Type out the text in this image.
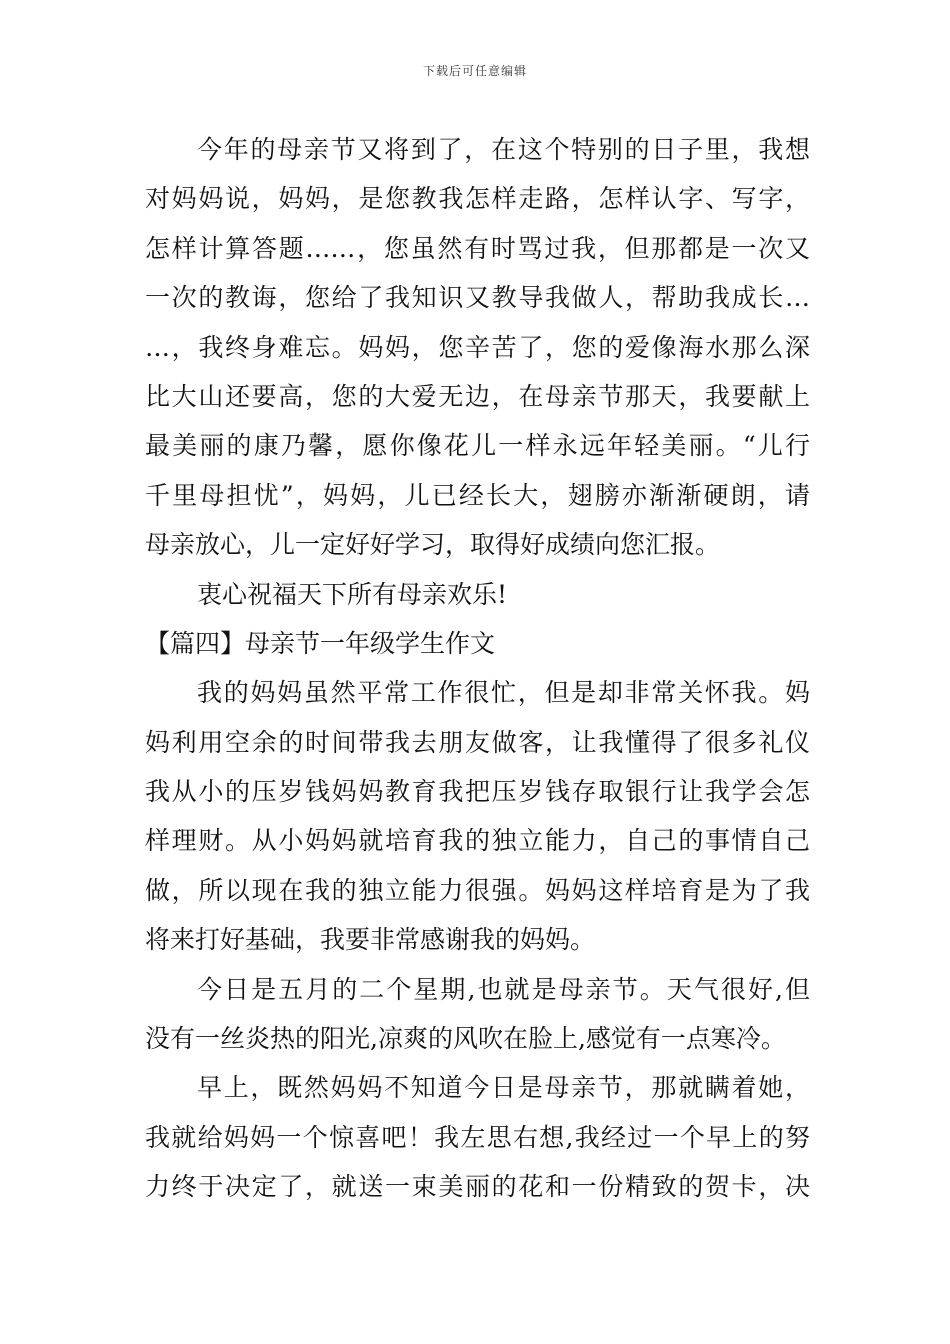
下载后可任意编辑
今年的母亲节又将到了，在这个特别的日子里，我想
对妈妈说，妈妈，是您教我怎样走路，怎样认字、写字，
怎样计算答题……，您虽然有时骂过我，但那都是一次又
一次的教诲，您给了我知识又教导我做人，帮助我成长…
…，我终身难忘。妈妈，您辛苦了，您的爱像海水那么深
比大山还要高，您的大爱无边，在母亲节那天，我要献上
最美丽的康乃馨，愿你像花儿一样永远年轻美丽。“儿行
千里母担忧”，妈妈，儿已经长大，翅膀亦渐渐硬朗，请
母亲放心，儿一定好好学习，取得好成绩向您汇报。
衷心祝福天下所有母亲欢乐!
【篇四】母亲节一年级学生作文
我的妈妈虽然平常工作很忙，但是却非常关怀我。妈
妈利用空余的时间带我去朋友做客，让我懂得了很多礼仪
我从小的压岁钱妈妈教育我把压岁钱存取银行让我学会怎
样理财。从小妈妈就培育我的独立能力，自己的事情自己
做，所以现在我的独立能力很强。妈妈这样培育是为了我
将来打好基础，我要非常感谢我的妈妈。
今日是五月的二个星期,也就是母亲节。天气很好,但
没有一丝炎热的阳光,凉爽的风吹在脸上,感觉有一点寒冷。
早上，既然妈妈不知道今日是母亲节，那就瞒着她，
我就给妈妈一个惊喜吧！我左思右想,我经过一个早上的努
力终于决定了，就送一束美丽的花和一份精致的贺卡，决
